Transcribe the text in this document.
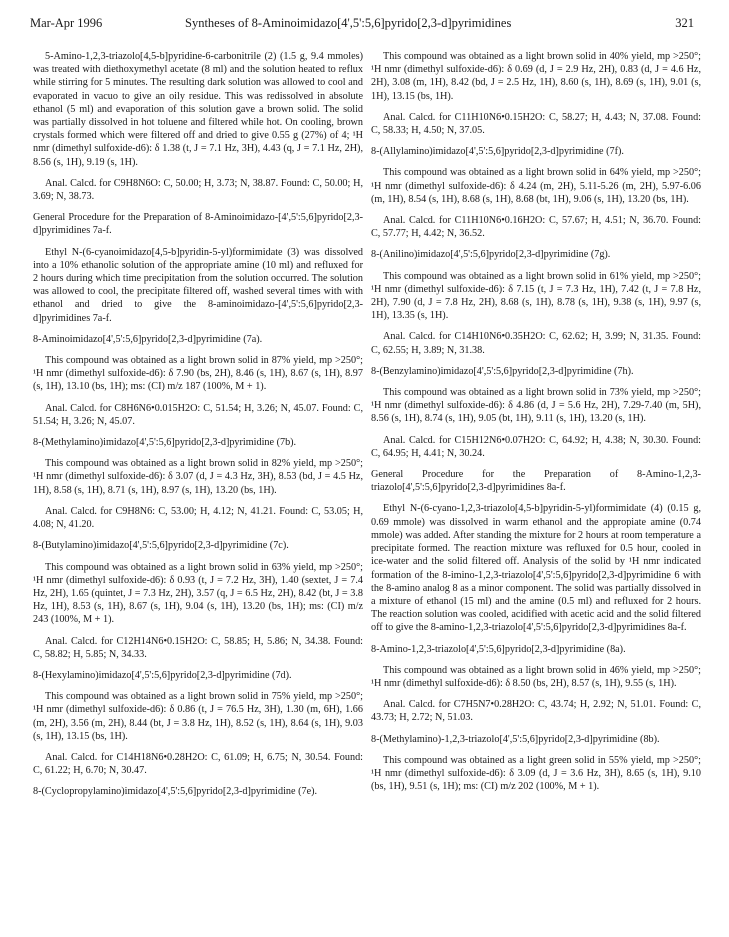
Mar-Apr 1996	Syntheses of 8-Aminoimidazo[4',5':5,6]pyrido[2,3-d]pyrimidines	321
5-Amino-1,2,3-triazolo[4,5-b]pyridine-6-carbonitrile (2) (1.5 g, 9.4 mmoles) was treated with diethoxymethyl acetate (8 ml) and the solution heated to reflux while stirring for 5 minutes. The resulting dark solution was allowed to cool and evaporated in vacuo to give an oily residue. This was redissolved in absolute ethanol (5 ml) and evaporation of this solution gave a brown solid. The solid was partially dissolved in hot toluene and filtered while hot. On cooling, brown crystals formed which were filtered off and dried to give 0.55 g (27%) of 4; ¹H nmr (dimethyl sulfoxide-d6): δ 1.38 (t, J = 7.1 Hz, 3H), 4.43 (q, J = 7.1 Hz, 2H), 8.56 (s, 1H), 9.19 (s, 1H).
Anal. Calcd. for C9H8N6O: C, 50.00; H, 3.73; N, 38.87. Found: C, 50.00; H, 3.69; N, 38.73.
General Procedure for the Preparation of 8-Aminoimidazo-[4',5':5,6]pyrido[2,3-d]pyrimidines 7a-f.
Ethyl N-(6-cyanoimidazo[4,5-b]pyridin-5-yl)formimidate (3) was dissolved into a 10% ethanolic solution of the appropriate amine (10 ml) and refluxed for 2 hours during which time precipitation from the solution occurred. The solution was allowed to cool, the precipitate filtered off, washed several times with with ethanol and dried to give the 8-aminoimidazo-[4',5':5,6]pyrido[2,3-d]pyrimidines 7a-f.
8-Aminoimidazo[4',5':5,6]pyrido[2,3-d]pyrimidine (7a).
This compound was obtained as a light brown solid in 87% yield, mp >250°; ¹H nmr (dimethyl sulfoxide-d6): δ 7.90 (bs, 2H), 8.46 (s, 1H), 8.67 (s, 1H), 8.97 (s, 1H), 13.10 (bs, 1H); ms: (CI) m/z 187 (100%, M + 1).
Anal. Calcd. for C8H6N6•0.015H2O: C, 51.54; H, 3.26; N, 45.07. Found: C, 51.54; H, 3.26; N, 45.07.
8-(Methylamino)imidazo[4',5':5,6]pyrido[2,3-d]pyrimidine (7b).
This compound was obtained as a light brown solid in 82% yield, mp >250°; ¹H nmr (dimethyl sulfoxide-d6): δ 3.07 (d, J = 4.3 Hz, 3H), 8.53 (bd, J = 4.5 Hz, 1H), 8.58 (s, 1H), 8.71 (s, 1H), 8.97 (s, 1H), 13.20 (bs, 1H).
Anal. Calcd. for C9H8N6: C, 53.00; H, 4.12; N, 41.21. Found: C, 53.05; H, 4.08; N, 41.20.
8-(Butylamino)imidazo[4',5':5,6]pyrido[2,3-d]pyrimidine (7c).
This compound was obtained as a light brown solid in 63% yield, mp >250°; ¹H nmr (dimethyl sulfoxide-d6): δ 0.93 (t, J = 7.2 Hz, 3H), 1.40 (sextet, J = 7.4 Hz, 2H), 1.65 (quintet, J = 7.3 Hz, 2H), 3.57 (q, J = 6.5 Hz, 2H), 8.42 (bt, J = 3.8 Hz, 1H), 8.53 (s, 1H), 8.67 (s, 1H), 9.04 (s, 1H), 13.20 (bs, 1H); ms: (CI) m/z 243 (100%, M + 1).
Anal. Calcd. for C12H14N6•0.15H2O: C, 58.85; H, 5.86; N, 34.38. Found: C, 58.82; H, 5.85; N, 34.33.
8-(Hexylamino)imidazo[4',5':5,6]pyrido[2,3-d]pyrimidine (7d).
This compound was obtained as a light brown solid in 75% yield, mp >250°; ¹H nmr (dimethyl sulfoxide-d6): δ 0.86 (t, J = 76.5 Hz, 3H), 1.30 (m, 6H), 1.66 (m, 2H), 3.56 (m, 2H), 8.44 (bt, J = 3.8 Hz, 1H), 8.52 (s, 1H), 8.64 (s, 1H), 9.03 (s, 1H), 13.15 (bs, 1H).
Anal. Calcd. for C14H18N6•0.28H2O: C, 61.09; H, 6.75; N, 30.54. Found: C, 61.22; H, 6.70; N, 30.47.
8-(Cyclopropylamino)imidazo[4',5':5,6]pyrido[2,3-d]pyrimidine (7e).
This compound was obtained as a light brown solid in 40% yield, mp >250°; ¹H nmr (dimethyl sulfoxide-d6): δ 0.69 (d, J = 2.9 Hz, 2H), 0.83 (d, J = 4.6 Hz, 2H), 3.08 (m, 1H), 8.42 (bd, J = 2.5 Hz, 1H), 8.60 (s, 1H), 8.69 (s, 1H), 9.01 (s, 1H), 13.15 (bs, 1H).
Anal. Calcd. for C11H10N6•0.15H2O: C, 58.27; H, 4.43; N, 37.08. Found: C, 58.33; H, 4.50; N, 37.05.
8-(Allylamino)imidazo[4',5':5,6]pyrido[2,3-d]pyrimidine (7f).
This compound was obtained as a light brown solid in 64% yield, mp >250°; ¹H nmr (dimethyl sulfoxide-d6): δ 4.24 (m, 2H), 5.11-5.26 (m, 2H), 5.97-6.06 (m, 1H), 8.54 (s, 1H), 8.68 (s, 1H), 8.68 (bt, 1H), 9.06 (s, 1H), 13.20 (bs, 1H).
Anal. Calcd. for C11H10N6•0.16H2O: C, 57.67; H, 4.51; N, 36.70. Found: C, 57.77; H, 4.42; N, 36.52.
8-(Anilino)imidazo[4',5':5,6]pyrido[2,3-d]pyrimidine (7g).
This compound was obtained as a light brown solid in 61% yield, mp >250°; ¹H nmr (dimethyl sulfoxide-d6): δ 7.15 (t, J = 7.3 Hz, 1H), 7.42 (t, J = 7.8 Hz, 2H), 7.90 (d, J = 7.8 Hz, 2H), 8.68 (s, 1H), 8.78 (s, 1H), 9.38 (s, 1H), 9.97 (s, 1H), 13.35 (s, 1H).
Anal. Calcd. for C14H10N6•0.35H2O: C, 62.62; H, 3.99; N, 31.35. Found: C, 62.55; H, 3.89; N, 31.38.
8-(Benzylamino)imidazo[4',5':5,6]pyrido[2,3-d]pyrimidine (7h).
This compound was obtained as a light brown solid in 73% yield, mp >250°; ¹H nmr (dimethyl sulfoxide-d6): δ 4.86 (d, J = 5.6 Hz, 2H), 7.29-7.40 (m, 5H), 8.56 (s, 1H), 8.74 (s, 1H), 9.05 (bt, 1H), 9.11 (s, 1H), 13.20 (s, 1H).
Anal. Calcd. for C15H12N6•0.07H2O: C, 64.92; H, 4.38; N, 30.30. Found: C, 64.95; H, 4.41; N, 30.24.
General Procedure for the Preparation of 8-Amino-1,2,3-triazolo[4',5':5,6]pyrido[2,3-d]pyrimidines 8a-f.
Ethyl N-(6-cyano-1,2,3-triazolo[4,5-b]pyridin-5-yl)formimidate (4) (0.15 g, 0.69 mmole) was dissolved in warm ethanol and the appropiate amine (0.74 mmole) was added. After standing the mixture for 2 hours at room temperature a precipitate formed. The reaction mixture was refluxed for 0.5 hour, cooled in ice-water and the solid filtered off. Analysis of the solid by ¹H nmr indicated formation of the 8-imino-1,2,3-triazolo[4',5':5,6]pyrido[2,3-d]pyrimidine 6 with the 8-amino analog 8 as a minor component. The solid was partially dissolved in a mixture of ethanol (15 ml) and the amine (0.5 ml) and refluxed for 2 hours. The reaction solution was cooled, acidified with acetic acid and the solid filtered off to give the 8-amino-1,2,3-triazolo[4',5':5,6]pyrido[2,3-d]pyrimidines 8a-f.
8-Amino-1,2,3-triazolo[4',5':5,6]pyrido[2,3-d]pyrimidine (8a).
This compound was obtained as a light brown solid in 46% yield, mp >250°; ¹H nmr (dimethyl sulfoxide-d6): δ 8.50 (bs, 2H), 8.57 (s, 1H), 9.55 (s, 1H).
Anal. Calcd. for C7H5N7•0.28H2O: C, 43.74; H, 2.92; N, 51.01. Found: C, 43.73; H, 2.72; N, 51.03.
8-(Methylamino)-1,2,3-triazolo[4',5':5,6]pyrido[2,3-d]pyrimidine (8b).
This compound was obtained as a light green solid in 55% yield, mp >250°; ¹H nmr (dimethyl sulfoxide-d6): δ 3.09 (d, J = 3.6 Hz, 3H), 8.65 (s, 1H), 9.10 (bs, 1H), 9.51 (s, 1H); ms: (CI) m/z 202 (100%, M + 1).
